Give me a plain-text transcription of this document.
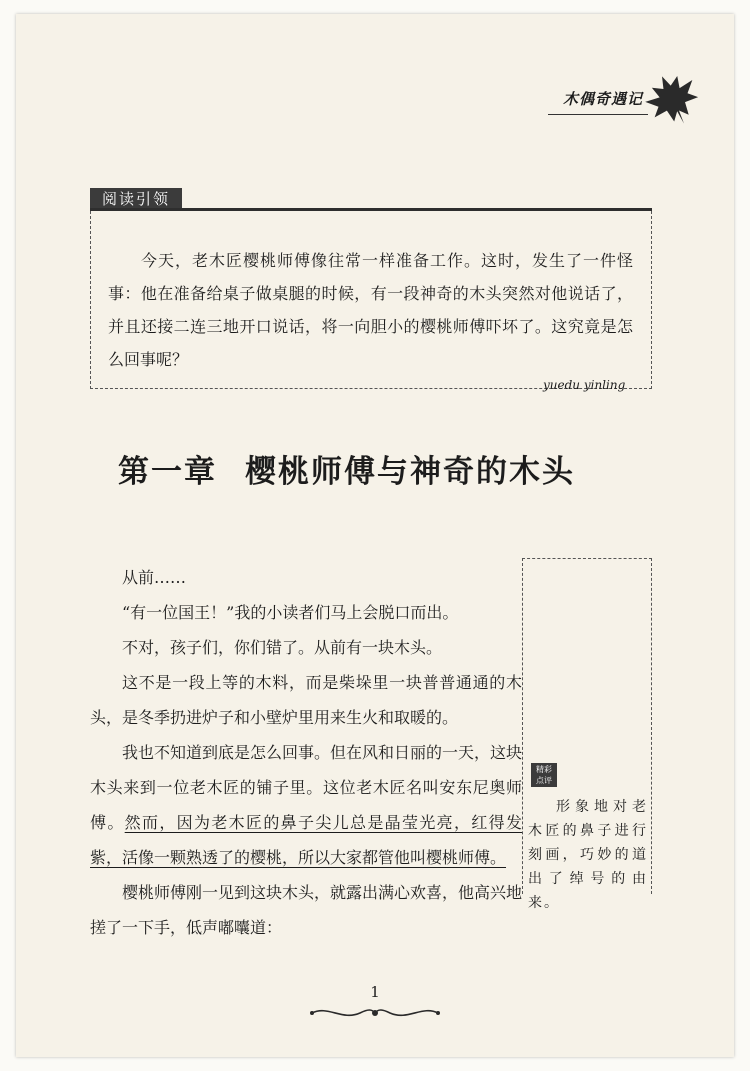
木偶奇遇记
阅读引领
今天，老木匠樱桃师傅像往常一样准备工作。这时，发生了一件怪事：他在准备给桌子做桌腿的时候，有一段神奇的木头突然对他说话了，并且还接二连三地开口说话，将一向胆小的樱桃师傅吓坏了。这究竟是怎么回事呢？
yuedu yinling
第一章 樱桃师傅与神奇的木头

从前……

“有一位国王！”我的小读者们马上会脱口而出。

不对，孩子们，你们错了。从前有一块木头。

这不是一段上等的木料，而是柴垛里一块普普通通的木头，是冬季扔进炉子和小壁炉里用来生火和取暖的。

我也不知道到底是怎么回事。但在风和日丽的一天，这块木头来到一位老木匠的铺子里。这位老木匠名叫安东尼奥师傅。然而，因为老木匠的鼻子尖儿总是晶莹光亮，红得发紫，活像一颗熟透了的樱桃，所以大家都管他叫樱桃师傅。

樱桃师傅刚一见到这块木头，就露出满心欢喜，他高兴地搓了一下手，低声嘟囔道：

精彩
点评
形象地对老木匠的鼻子进行刻画，巧妙的道出了绰号的由来。
1
